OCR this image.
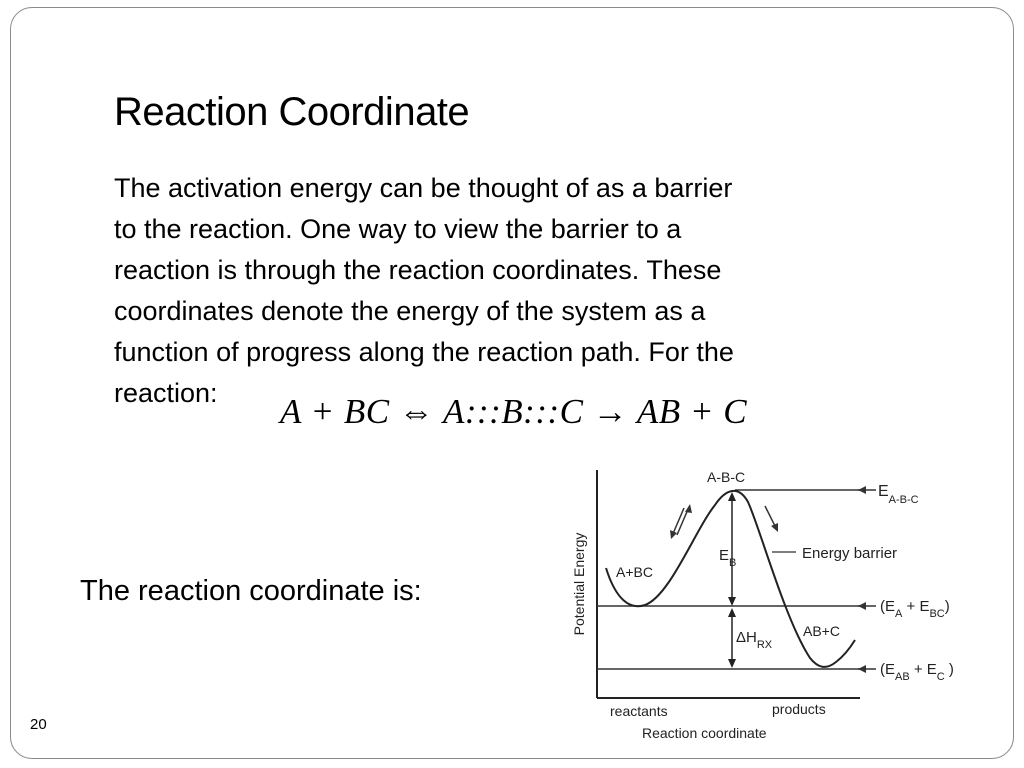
Reaction Coordinate
The activation energy can be thought of as a barrier
to the reaction. One way to view the barrier to a
reaction is through the reaction coordinates. These
coordinates denote the energy of the system as a
function of progress along the reaction path. For the
reaction:	A + BC ⇔ A:::B:::C → AB + C

The reaction coordinate is:	Potential Energy
A-B-C
A+BC
AB+C
$E_B$
Energy barrier
$\Delta H_{RX}$
$E_{A-B-C}$
$(E_A + E_{BC})$
($E_{AB} + E_C$ )
reactants	products
Reaction coordinate
20
